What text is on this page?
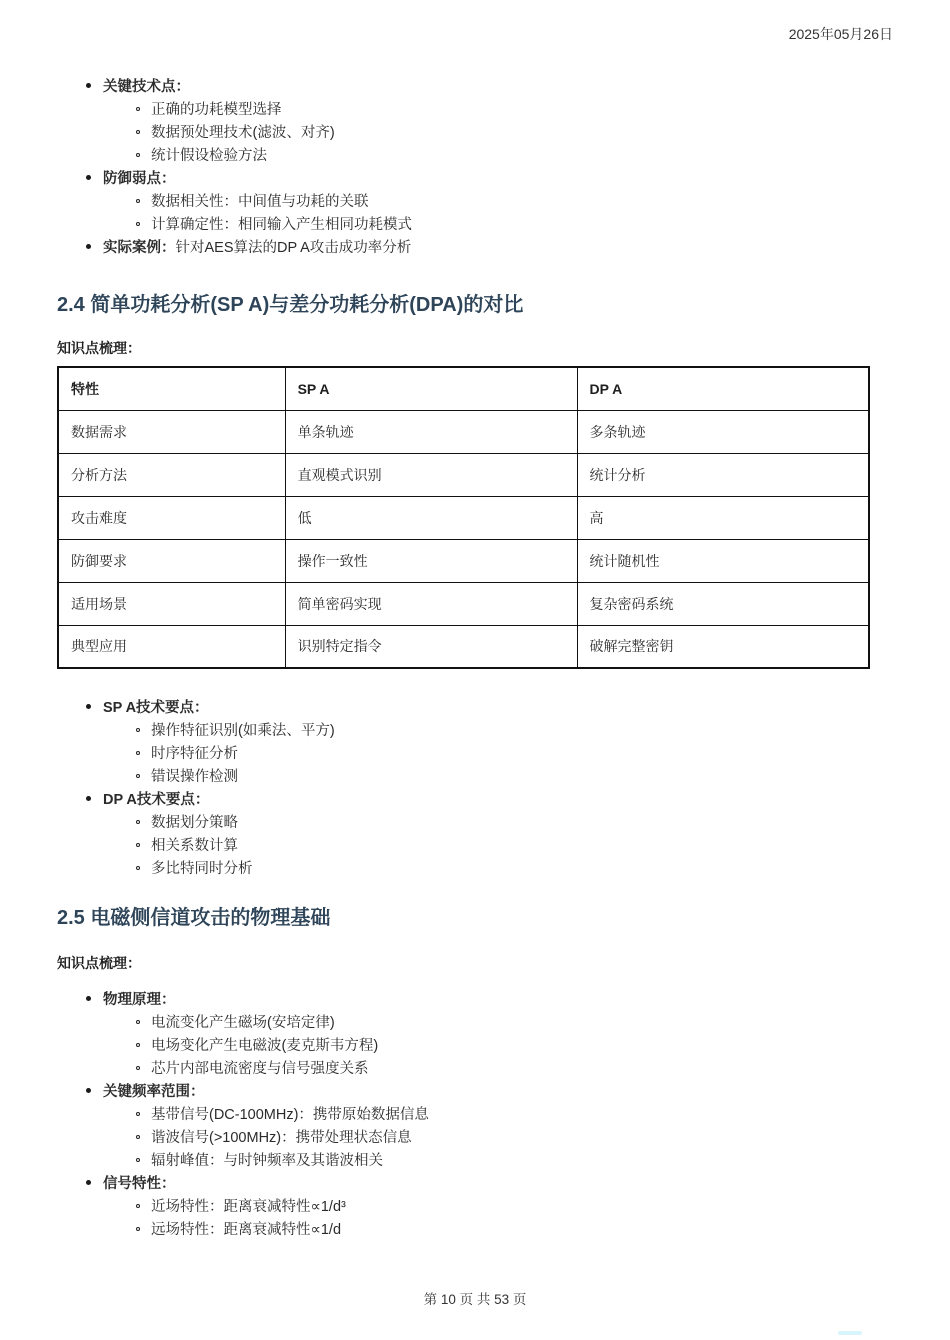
2025年05月26日
关键技术点：
正确的功耗模型选择
数据预处理技术(滤波、对齐)
统计假设检验方法
防御弱点：
数据相关性：中间值与功耗的关联
计算确定性：相同输入产生相同功耗模式
实际案例： 针对AES算法的DP A攻击成功率分析
2.4 简单功耗分析(SP A)与差分功耗分析(DPA)的对比

知识点梳理：

特性	SP A	DP A
数据需求	单条轨迹	多条轨迹
分析方法	直观模式识别	统计分析
攻击难度	低	高
防御要求	操作一致性	统计随机性
适用场景	简单密码实现	复杂密码系统
典型应用	识别特定指令	破解完整密钥
SP A技术要点：
操作特征识别(如乘法、平方)
时序特征分析
错误操作检测
DP A技术要点：
数据划分策略
相关系数计算
多比特同时分析
2.5 电磁侧信道攻击的物理基础

知识点梳理：

物理原理：
电流变化产生磁场(安培定律)
电场变化产生电磁波(麦克斯韦方程)
芯片内部电流密度与信号强度关系
关键频率范围：
基带信号(DC-100MHz)：携带原始数据信息
谐波信号(>100MHz)：携带处理状态信息
辐射峰值：与时钟频率及其谐波相关
信号特性：
近场特性：距离衰减特性∝1/d³
远场特性：距离衰减特性∝1/d
第 10 页 共 53 页
